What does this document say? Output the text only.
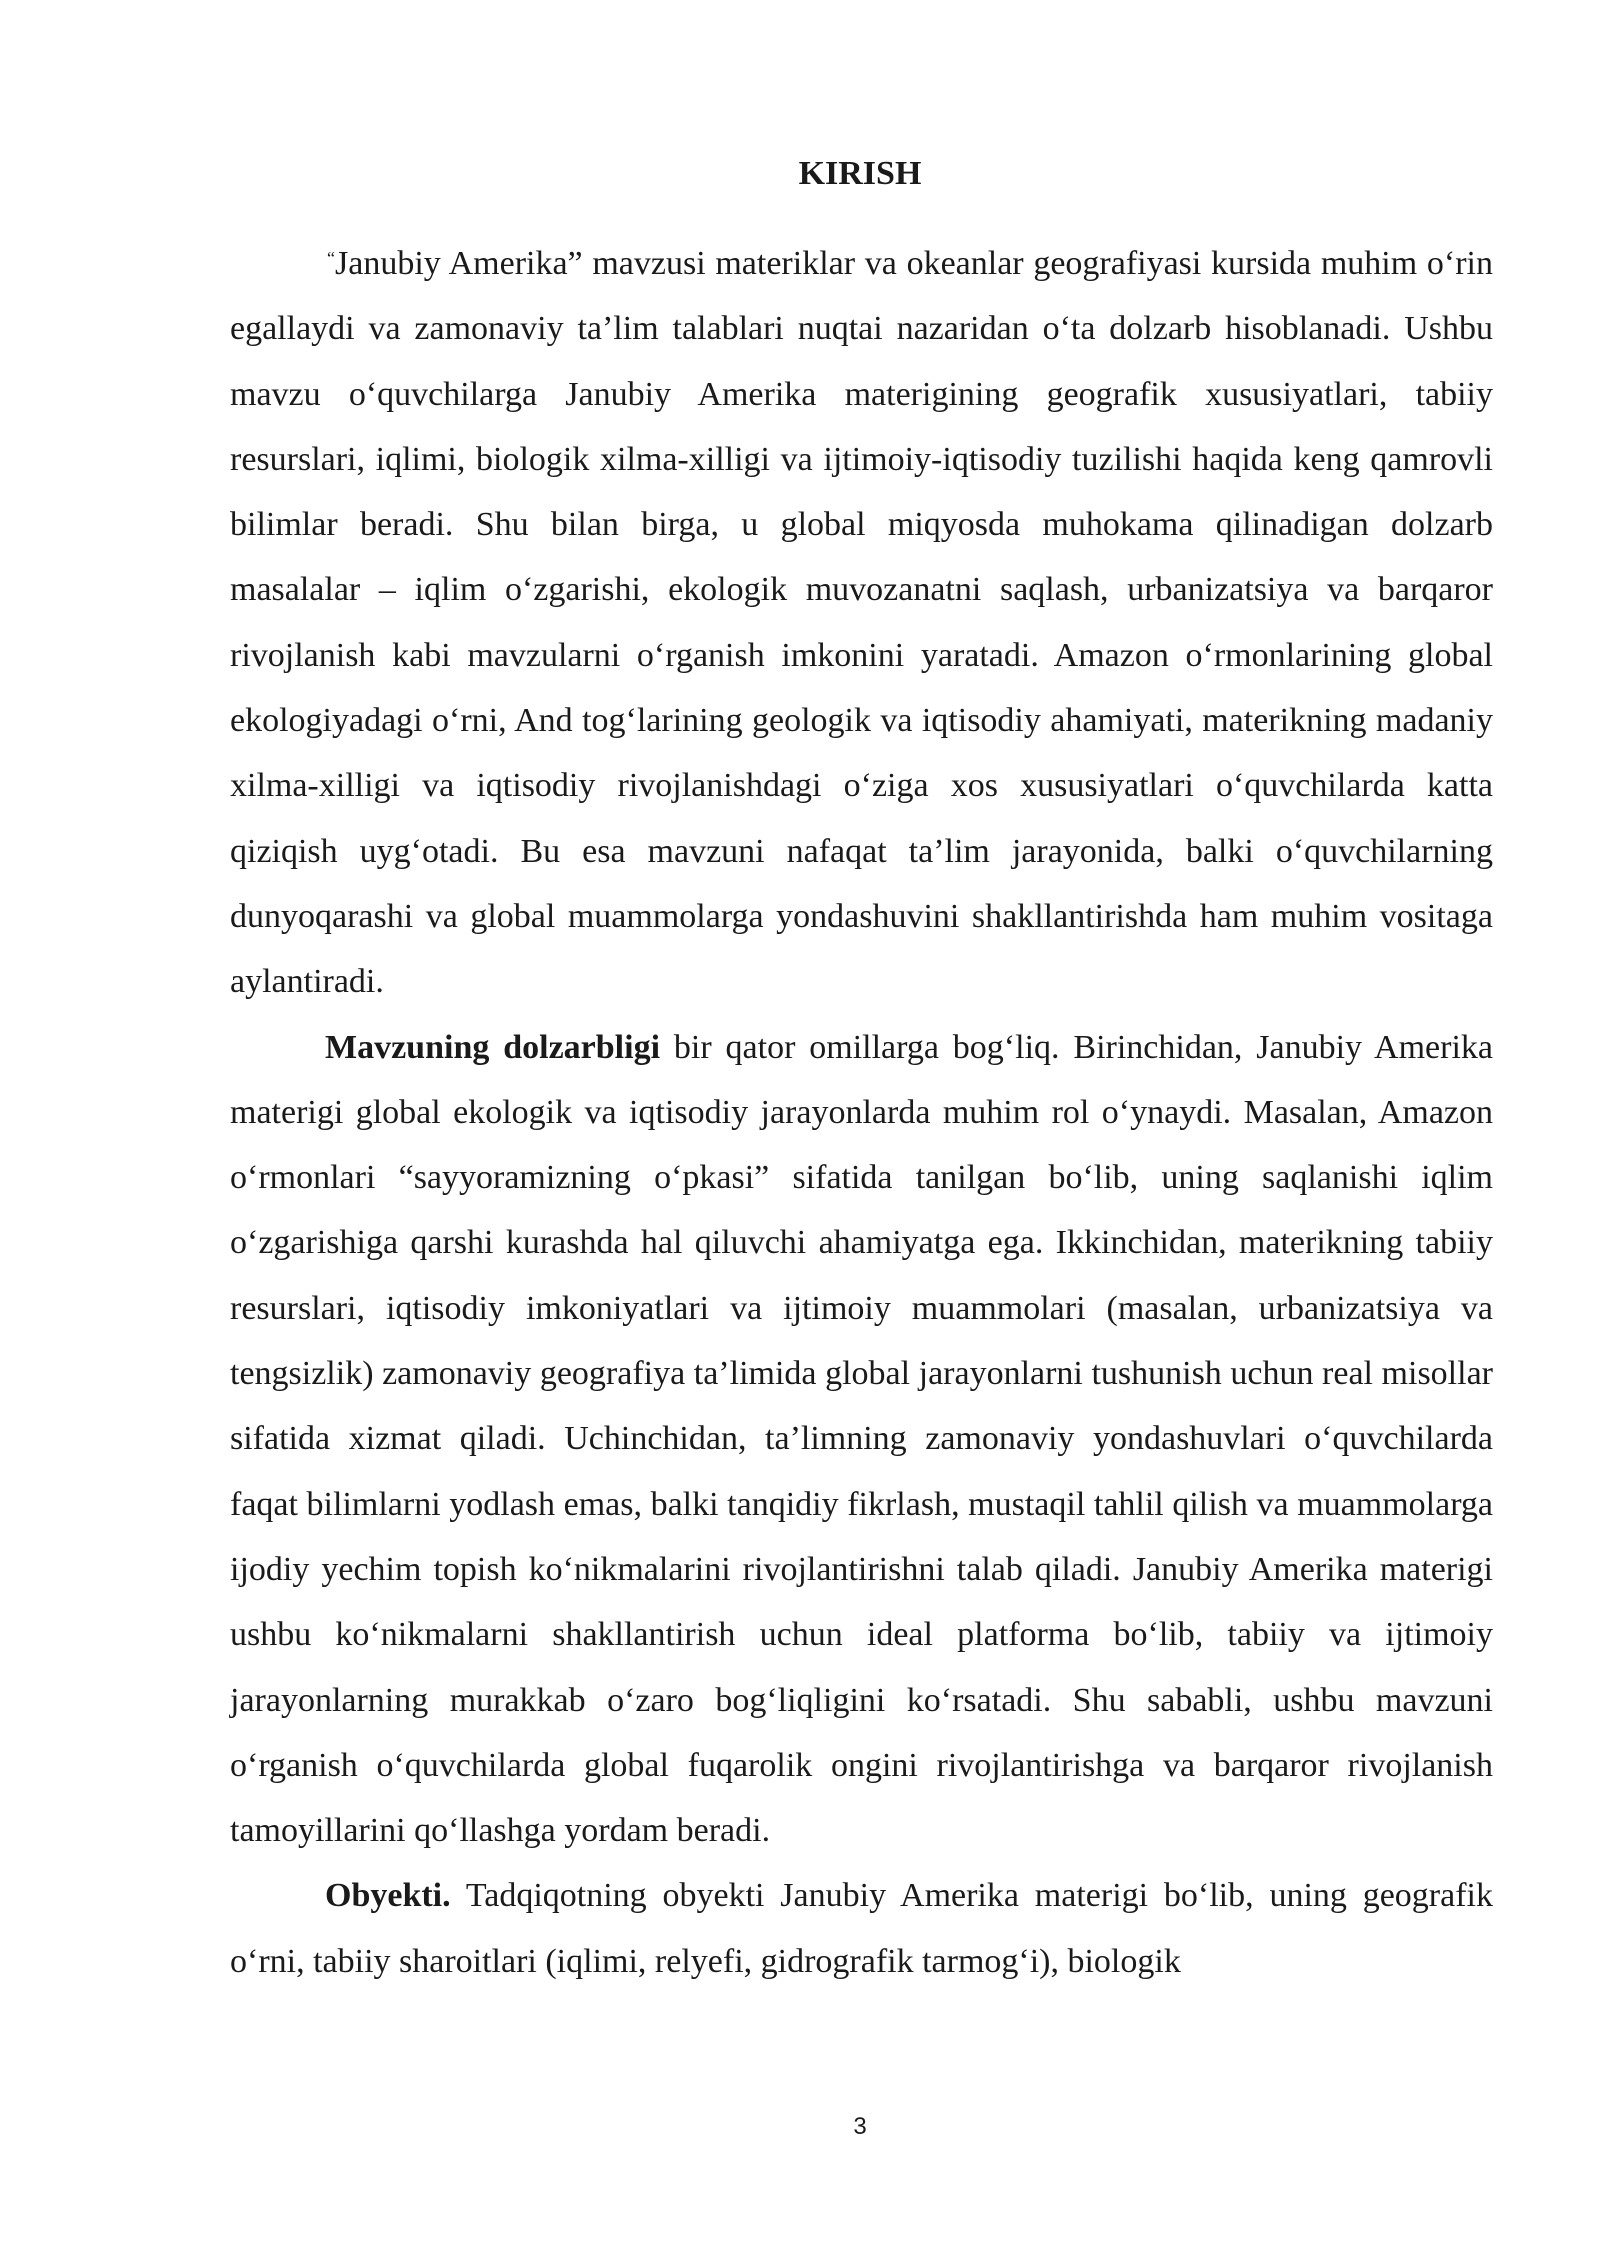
KIRISH

“Janubiy Amerika” mavzusi materiklar va okeanlar geografiyasi kursida muhim o‘rin egallaydi va zamonaviy ta’lim talablari nuqtai nazaridan o‘ta dolzarb hisoblanadi. Ushbu mavzu o‘quvchilarga Janubiy Amerika materigining geografik xususiyatlari, tabiiy resurslari, iqlimi, biologik xilma-xilligi va ijtimoiy-iqtisodiy tuzilishi haqida keng qamrovli bilimlar beradi. Shu bilan birga, u global miqyosda muhokama qilinadigan dolzarb masalalar – iqlim o‘zgarishi, ekologik muvozanatni saqlash, urbanizatsiya va barqaror rivojlanish kabi mavzularni o‘rganish imkonini yaratadi. Amazon o‘rmonlarining global ekologiyadagi o‘rni, And tog‘larining geologik va iqtisodiy ahamiyati, materikning madaniy xilma-xilligi va iqtisodiy rivojlanishdagi o‘ziga xos xususiyatlari o‘quvchilarda katta qiziqish uyg‘otadi. Bu esa mavzuni nafaqat ta’lim jarayonida, balki o‘quvchilarning dunyoqarashi va global muammolarga yondashuvini shakllantirishda ham muhim vositaga aylantiradi.

Mavzuning dolzarbligi bir qator omillarga bog‘liq. Birinchidan, Janubiy Amerika materigi global ekologik va iqtisodiy jarayonlarda muhim rol o‘ynaydi. Masalan, Amazon o‘rmonlari “sayyoramizning o‘pkasi” sifatida tanilgan bo‘lib, uning saqlanishi iqlim o‘zgarishiga qarshi kurashda hal qiluvchi ahamiyatga ega. Ikkinchidan, materikning tabiiy resurslari, iqtisodiy imkoniyatlari va ijtimoiy muammolari (masalan, urbanizatsiya va tengsizlik) zamonaviy geografiya ta’limida global jarayonlarni tushunish uchun real misollar sifatida xizmat qiladi. Uchinchidan, ta’limning zamonaviy yondashuvlari o‘quvchilarda faqat bilimlarni yodlash emas, balki tanqidiy fikrlash, mustaqil tahlil qilish va muammolarga ijodiy yechim topish ko‘nikmalarini rivojlantirishni talab qiladi. Janubiy Amerika materigi ushbu ko‘nikmalarni shakllantirish uchun ideal platforma bo‘lib, tabiiy va ijtimoiy jarayonlarning murakkab o‘zaro bog‘liqligini ko‘rsatadi. Shu sababli, ushbu mavzuni o‘rganish o‘quvchilarda global fuqarolik ongini rivojlantirishga va barqaror rivojlanish tamoyillarini qo‘llashga yordam beradi.

Obyekti. Tadqiqotning obyekti Janubiy Amerika materigi bo‘lib, uning geografik o‘rni, tabiiy sharoitlari (iqlimi, relyefi, gidrografik tarmog‘i), biologik

3
